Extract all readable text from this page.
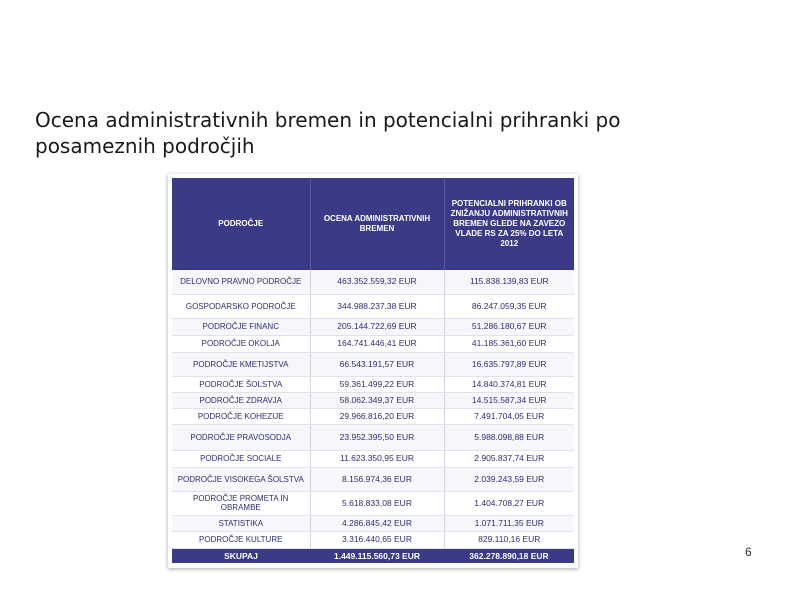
Ocena administrativnih bremen in potencialni prihranki po posameznih področjih
PODROČJE	OCENA ADMINISTRATIVNIH BREMEN	POTENCIALNI PRIHRANKI OB ZNIŽANJU ADMINISTRATIVNIH BREMEN GLEDE NA ZAVEZO VLADE RS ZA 25% DO LETA 2012
DELOVNO PRAVNO PODROČJE	463.352.559,32 EUR	115.838.139,83 EUR
GOSPODARSKO PODROČJE	344.988.237,38 EUR	86.247.059,35 EUR
PODROČJE FINANC	205.144.722,69 EUR	51.286.180,67 EUR
PODROČJE OKOLJA	164.741.446,41 EUR	41.185.361,60 EUR
PODROČJE KMETIJSTVA	66.543.191,57 EUR	16.635.797,89 EUR
PODROČJE ŠOLSTVA	59.361.499,22 EUR	14.840.374,81 EUR
PODROČJE ZDRAVJA	58.062.349,37 EUR	14.515.587,34 EUR
PODROČJE KOHEZIJE	29.966.816,20 EUR	7.491.704,05 EUR
PODROČJE PRAVOSODJA	23.952.395,50 EUR	5.988.098,88 EUR
PODROČJE SOCIALE	11.623.350,95 EUR	2.905.837,74 EUR
PODROČJE VISOKEGA ŠOLSTVA	8.156.974,36 EUR	2.039.243,59 EUR
PODROČJE PROMETA IN OBRAMBE	5.618.833,08 EUR	1.404.708,27 EUR
STATISTIKA	4.286.845,42 EUR	1.071.711,35 EUR
PODROČJE KULTURE	3.316.440,65 EUR	829.110,16 EUR
SKUPAJ	1.449.115.560,73 EUR	362.278.890,18 EUR	6
